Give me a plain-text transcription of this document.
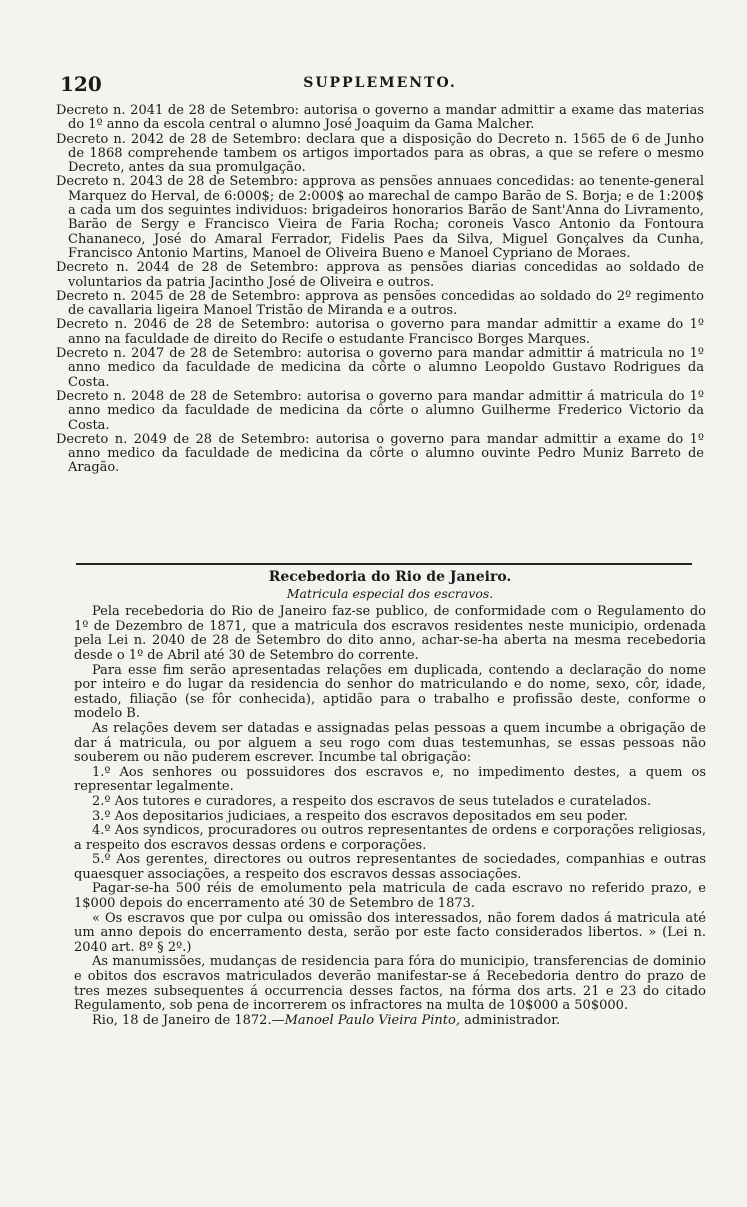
120	SUPPLEMENTO.

Decreto n. 2041 de 28 de Setembro: autorisa o governo a mandar admittir a exame das materias do 1º anno da escola central o alumno José Joaquim da Gama Malcher.

Decreto n. 2042 de 28 de Setembro: declara que a disposição do Decreto n. 1565 de 6 de Junho de 1868 comprehende tambem os artigos importados para as obras, a que se refere o mesmo Decreto, antes da sua promulgação.

Decreto n. 2043 de 28 de Setembro: approva as pensões annuaes concedidas: ao tenente-general Marquez do Herval, de 6:000$; de 2:000$ ao marechal de campo Barão de S. Borja; e de 1:200$ a cada um dos seguintes individuos: brigadeiros honorarios Barão de Sant'Anna do Livramento, Barão de Sergy e Francisco Vieira de Faria Rocha; coroneis Vasco Antonio da Fontoura Chananeco, José do Amaral Ferrador, Fidelis Paes da Silva, Miguel Gonçalves da Cunha, Francisco Antonio Martins, Manoel de Oliveira Bueno e Manoel Cypriano de Moraes.

Decreto n. 2044 de 28 de Setembro: approva as pensões diarias concedidas ao soldado de voluntarios da patria Jacintho José de Oliveira e outros.

Decreto n. 2045 de 28 de Setembro: approva as pensões concedidas ao soldado do 2º regimento de cavallaria ligeira Manoel Tristão de Miranda e a outros.

Decreto n. 2046 de 28 de Setembro: autorisa o governo para mandar admittir a exame do 1º anno na faculdade de direito do Recife o estudante Francisco Borges Marques.

Decreto n. 2047 de 28 de Setembro: autorisa o governo para mandar admittir á matricula no 1º anno medico da faculdade de medicina da côrte o alumno Leopoldo Gustavo Rodrigues da Costa.

Decreto n. 2048 de 28 de Setembro: autorisa o governo para mandar admittir á matricula do 1º anno medico da faculdade de medicina da côrte o alumno Guilherme Frederico Victorio da Costa.

Decreto n. 2049 de 28 de Setembro: autorisa o governo para mandar admittir a exame do 1º anno medico da faculdade de medicina da côrte o alumno ouvinte Pedro Muniz Barreto de Aragão.

Recebedoria do Rio de Janeiro.

Matricula especial dos escravos.

Pela recebedoria do Rio de Janeiro faz-se publico, de conformidade com o Regulamento do 1º de Dezembro de 1871, que a matricula dos escravos residentes neste municipio, ordenada pela Lei n. 2040 de 28 de Setembro do dito anno, achar-se-ha aberta na mesma recebedoria desde o 1º de Abril até 30 de Setembro do corrente.

Para esse fim serão apresentadas relações em duplicada, contendo a declaração do nome por inteiro e do lugar da residencia do senhor do matriculando e do nome, sexo, côr, idade, estado, filiação (se fôr conhecida), aptidão para o trabalho e profissão deste, conforme o modelo B.

As relações devem ser datadas e assignadas pelas pessoas a quem incumbe a obrigação de dar á matricula, ou por alguem a seu rogo com duas testemunhas, se essas pessoas não souberem ou não puderem escrever. Incumbe tal obrigação:

1.º Aos senhores ou possuidores dos escravos e, no impedimento destes, a quem os representar legalmente.

2.º Aos tutores e curadores, a respeito dos escravos de seus tutelados e curatelados.

3.º Aos depositarios judiciaes, a respeito dos escravos depositados em seu poder.

4.º Aos syndicos, procuradores ou outros representantes de ordens e corporações religiosas, a respeito dos escravos dessas ordens e corporações.

5.º Aos gerentes, directores ou outros representantes de sociedades, companhias e outras quaesquer associações, a respeito dos escravos dessas associações.

Pagar-se-ha 500 réis de emolumento pela matricula de cada escravo no referido prazo, e 1$000 depois do encerramento até 30 de Setembro de 1873.

« Os escravos que por culpa ou omissão dos interessados, não forem dados á matricula até um anno depois do encerramento desta, serão por este facto considerados libertos. » (Lei n. 2040 art. 8º § 2º.)

As manumissões, mudanças de residencia para fóra do municipio, transferencias de dominio e obitos dos escravos matriculados deverão manifestar-se á Recebedoria dentro do prazo de tres mezes subsequentes á occurrencia desses factos, na fórma dos arts. 21 e 23 do citado Regulamento, sob pena de incorrerem os infractores na multa de 10$000 a 50$000.

Rio, 18 de Janeiro de 1872.—Manoel Paulo Vieira Pinto, administrador.
